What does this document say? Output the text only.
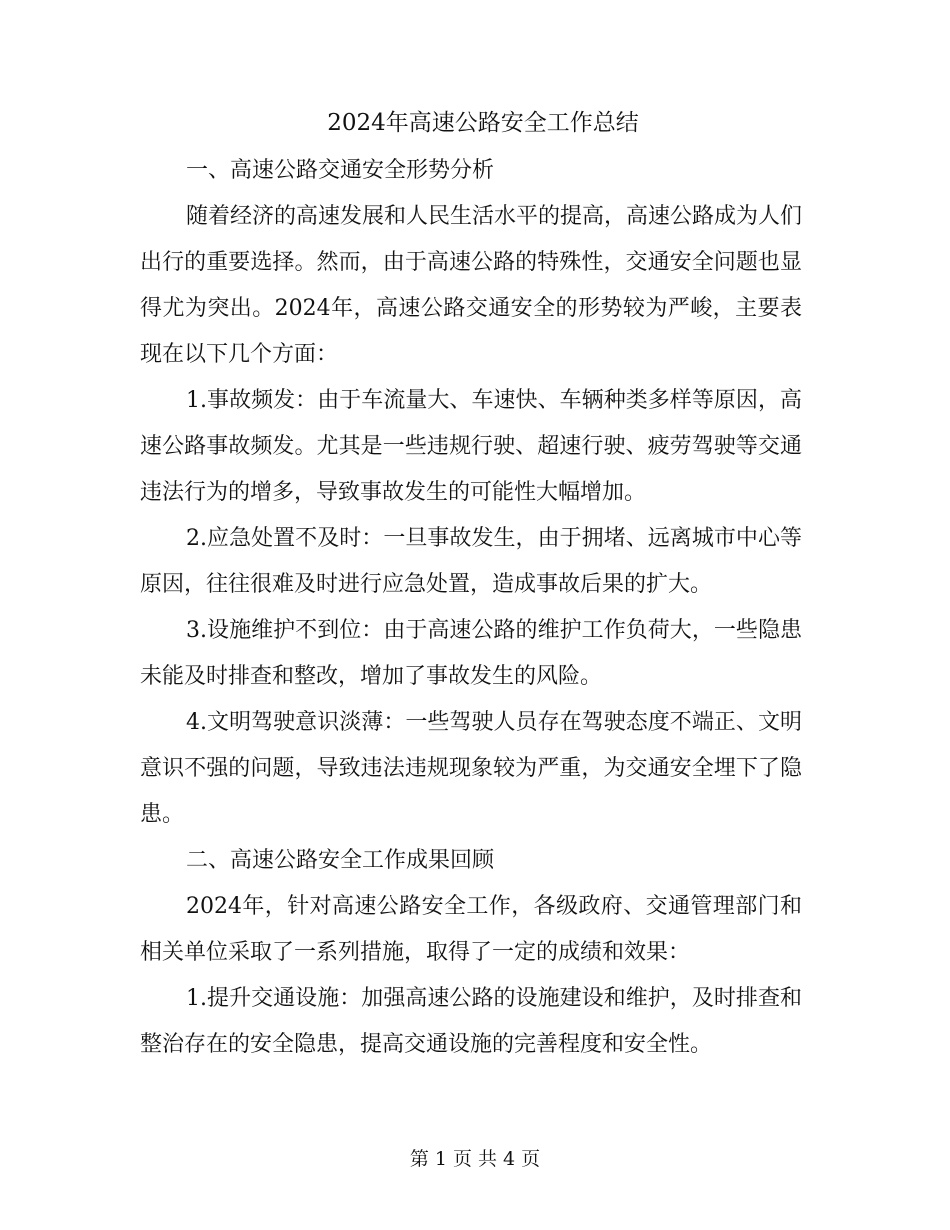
2024年高速公路安全工作总结
一、高速公路交通安全形势分析

随着经济的高速发展和人民生活水平的提高，高速公路成为人们出行的重要选择。然而，由于高速公路的特殊性，交通安全问题也显得尤为突出。2024年，高速公路交通安全的形势较为严峻，主要表现在以下几个方面：

1.事故频发：由于车流量大、车速快、车辆种类多样等原因，高速公路事故频发。尤其是一些违规行驶、超速行驶、疲劳驾驶等交通违法行为的增多，导致事故发生的可能性大幅增加。

2.应急处置不及时：一旦事故发生，由于拥堵、远离城市中心等原因，往往很难及时进行应急处置，造成事故后果的扩大。

3.设施维护不到位：由于高速公路的维护工作负荷大，一些隐患未能及时排查和整改，增加了事故发生的风险。

4.文明驾驶意识淡薄：一些驾驶人员存在驾驶态度不端正、文明意识不强的问题，导致违法违规现象较为严重，为交通安全埋下了隐患。

二、高速公路安全工作成果回顾

2024年，针对高速公路安全工作，各级政府、交通管理部门和相关单位采取了一系列措施，取得了一定的成绩和效果：

1.提升交通设施：加强高速公路的设施建设和维护，及时排查和整治存在的安全隐患，提高交通设施的完善程度和安全性。

第 1 页 共 4 页
